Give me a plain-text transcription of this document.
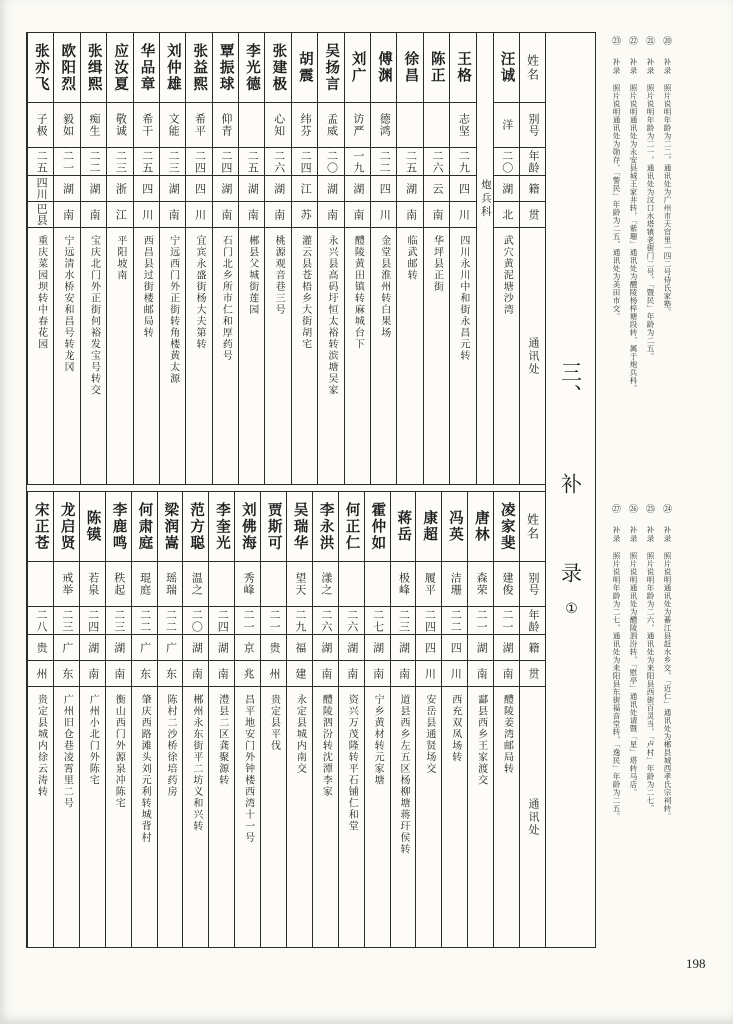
姓名
别号
年龄
籍
贯
通讯处
汪诚
洋
二〇
湖
北
武穴黄泥塘沙湾
炮兵科
王格
志坚
二九
四
川
四川永川中和街永昌元转
陈正
二六
云
南
华坪县正街
徐昌
二五
湖
南
临武邮转
傅渊
德鸿
二二
四
川
金堂县淮州转白果场
刘广
访严
一九
湖
南
醴陵黄田镇转麻城台下
吴扬言
孟威
二〇
湖
南
永兴县高码圩恒太裕转滨塘吴家
胡震
纬芬
二四
江
苏
灌云县苍梧乡大街胡宅
张建极
心知
二六
湖
南
桃源观音巷三号
李光德
二五
湖
南
郴县父城街莲园
覃振球
仰青
二四
湖
南
石门北乡所市仁和厚药号
张益熙
希平
二四
四
川
宜宾永盛街杨大夫第转
刘仲雄
文能
二三
湖
南
宁远西门外正街转角楼黄太源
华品章
希干
二五
四
川
西昌县过街楼邮局转
应汝夏
敬诚
二三
浙
江
平阳坡南
张缉熙
痴生
二二
湖
南
宝庆北门外正街何裕发宝号转交
欧阳烈
毅如
二一
湖
南
宁远清水桥安和昌号转龙冈
张亦飞
子极
二五
四川
巴县
重庆菜园坝转中春花园
姓名
别号
年龄
籍
贯
通讯处
凌家斐
建俊
二一
湖
南
醴陵姜湾邮局转
唐林
森荣
二一
湖
南
酃县西乡王家渡交
冯英
洁珊
二二
四
川
西充双凤场转
康超
履平
二四
四
川
安岳县通贤场交
蒋岳
极峰
二三
湖
南
道县西乡左五区杨柳塘蒋玕侯转
霍仲如
二七
湖
南
宁乡黄材转元家塘
何正仁
二六
湖
南
资兴万茂隆转平石铺仁和堂
李永洪
漾之
二六
湖
南
醴陵泗汾转沈潭李家
吴瑞华
望天
二九
福
建
永定县城内南交
贾斯可
二一
贵
州
贵定县平伐
刘佛海
秀峰
二一
京
兆
昌平地安门外钟楼西湾十一号
李奎光
二四
湖
南
澧县二区龚聚源转
范方聪
温之
二〇
湖
南
郴州永东街平二坊义和兴转
梁润嵩
瑶瑞
二二
广
东
陈村二沙桥徐培药房
何肃庭
琨庭
二二
广
东
肇庆西路滩头刘元利转城背村
李鹿鸣
秩起
二三
湖
南
衡山西门外源泉冲陈宅
陈镆
若泉
二四
湖
南
广州小北门外陈宅
龙启贤
戒举
二三
广
东
广州旧仓巷凌霄里二号
宋正苍
二八
贵
州
贵定县城内徐云涛转
三、
补
录
①
⑳ 补录 照片说明年龄为二二，通讯处为广州市天官里一四二号侍氏家塾。
㉑ 补录 照片说明年龄为二一，通讯处为汉口水塔镇老街门二号，「暨民」年龄为二五。
㉒ 补录 照片说明通讯处为永安县城王家井转，「紫珊」通讯处为醴陵杨梓塘段转，属于炮兵科。
㉓ 补录 照片说明通讯处为勋存，「警民」年龄为二五，通讯处为美田市交。
㉔ 补录 照片说明通讯处为綦江县赶水乡交，「近仁」通讯处为郴县城西孝氏宗祠转。
㉕ 补录 照片说明年龄为二六，通讯处为来阳县西街百灵当，「卢村」年龄为二七。
㉖ 补录 照片说明通讯处为醴陵泗汾转，「慰亭」通讯处请暨「星」塔转马店。
㉗ 补录 照片说明年龄为二七，通讯处为耒阳县东街福音堂转，「逸民」年龄为二五。
198
